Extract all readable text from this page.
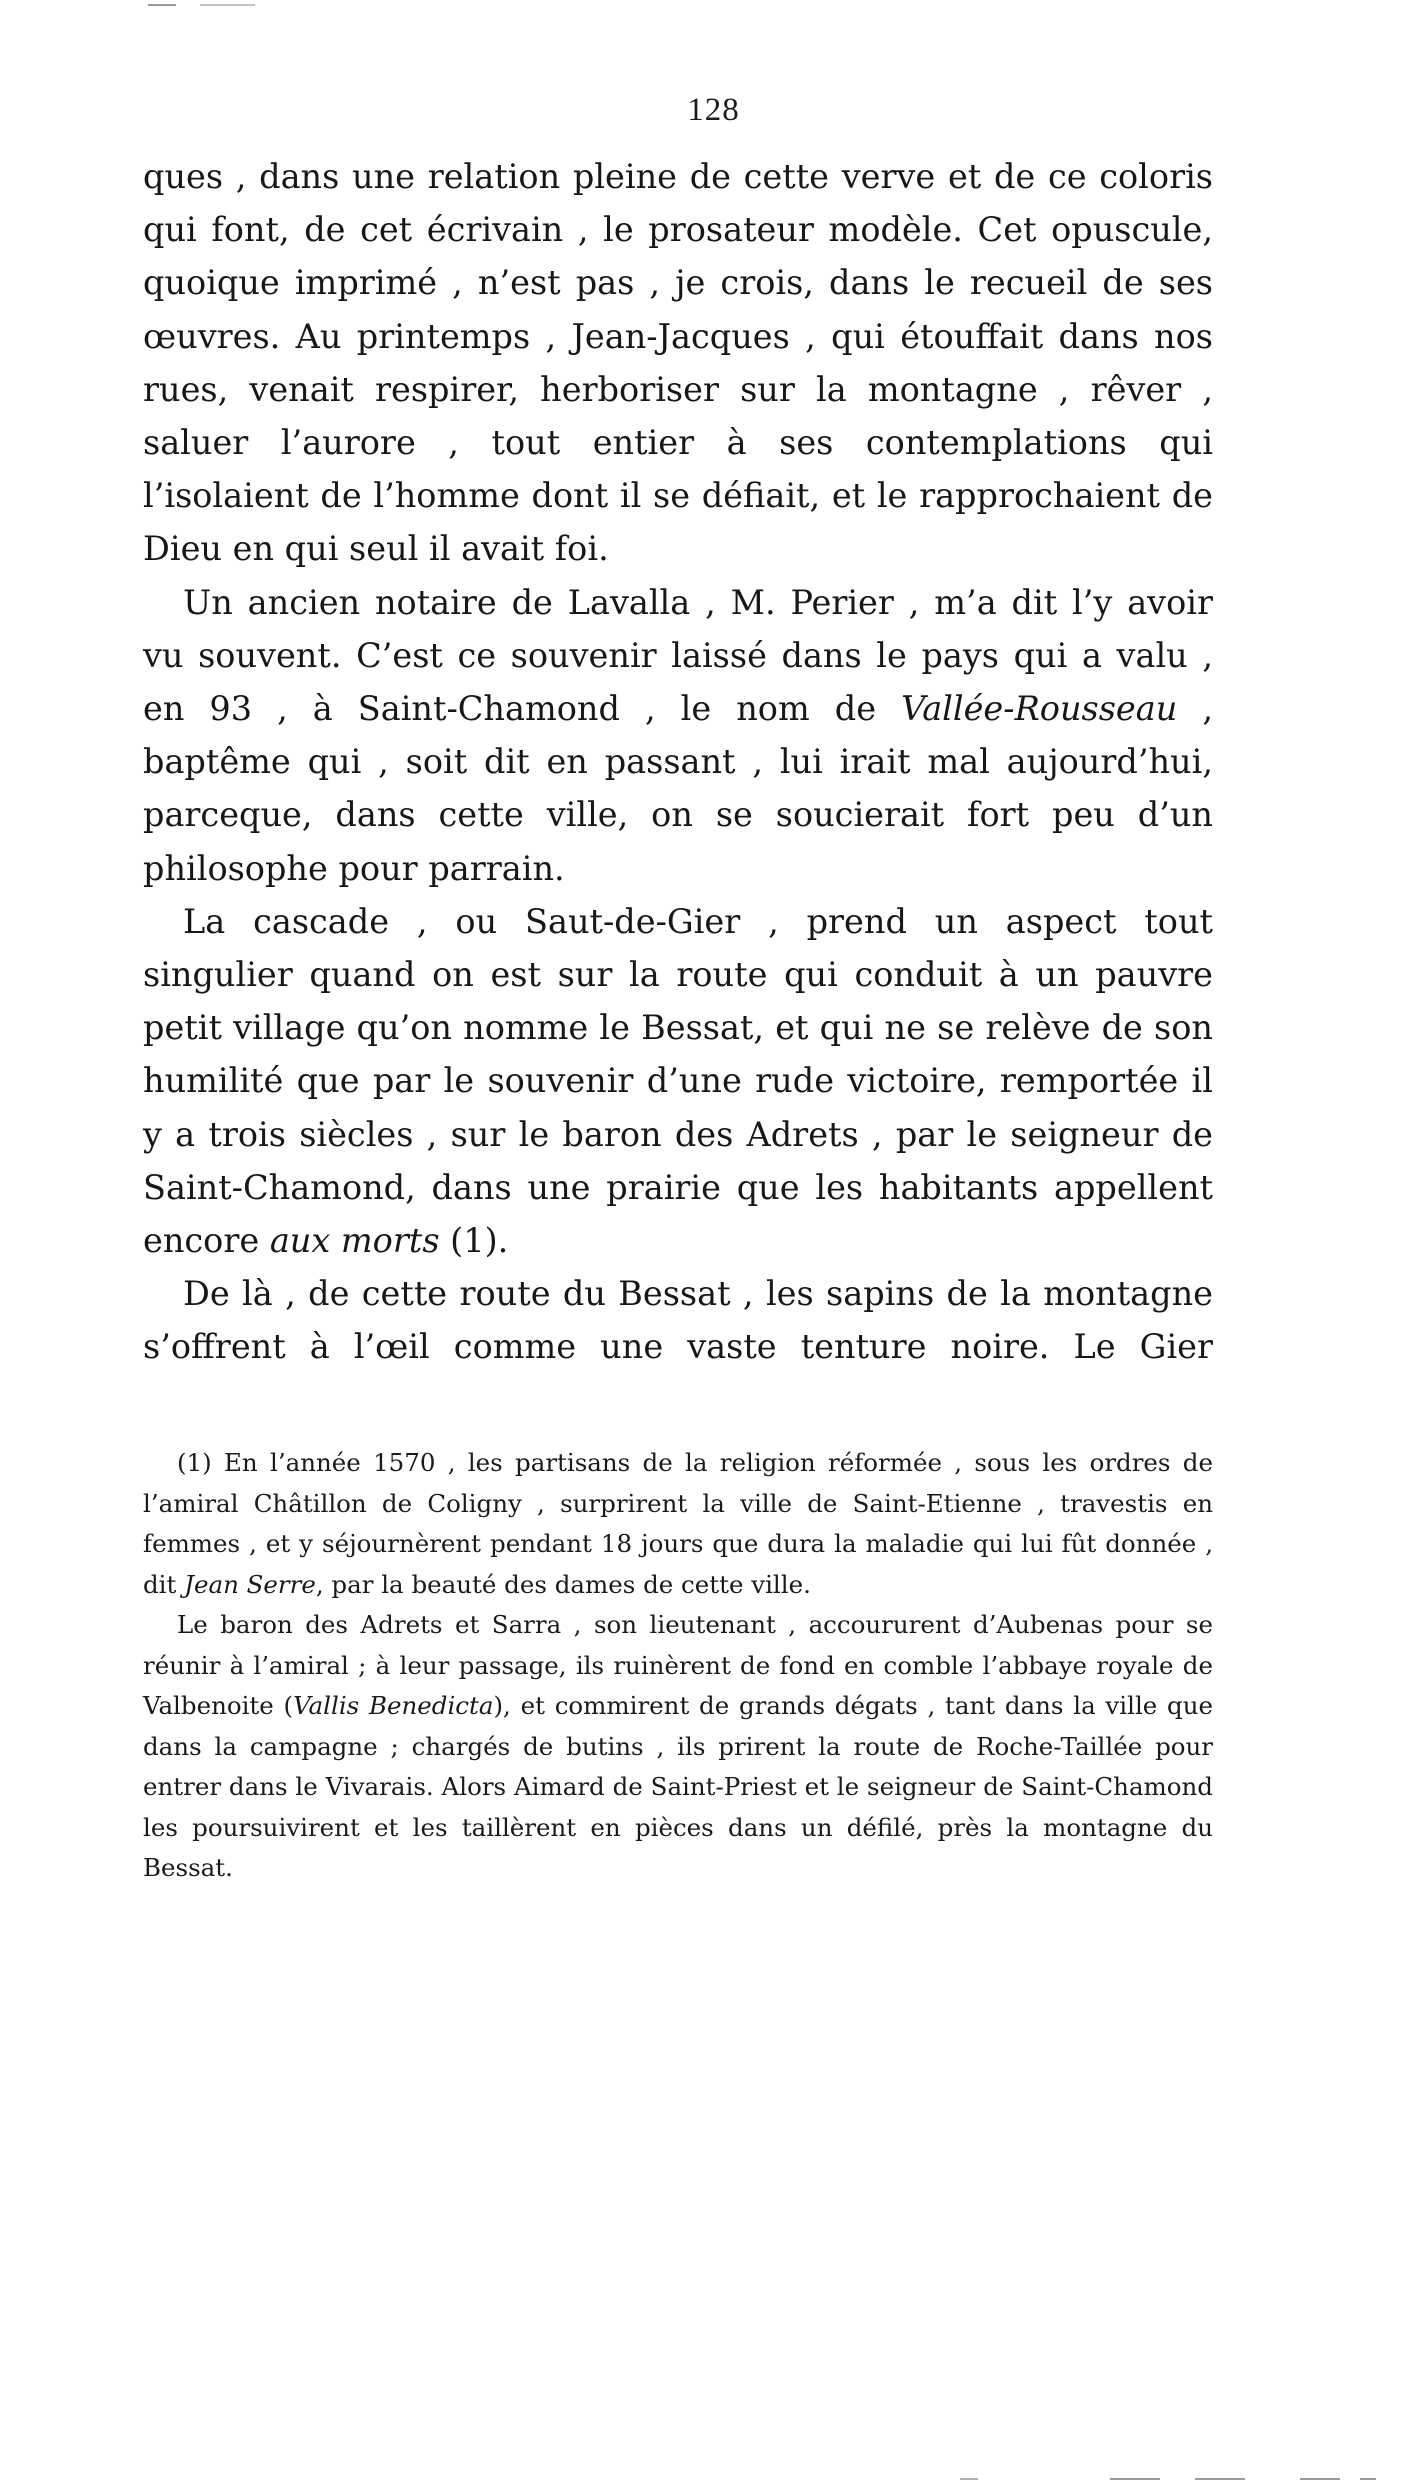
128

ques , dans une relation pleine de cette verve et de ce coloris qui font, de cet écrivain , le prosateur modèle. Cet opuscule, quoique imprimé , n’est pas , je crois, dans le recueil de ses œuvres. Au printemps , Jean-Jacques , qui étouffait dans nos rues, venait respirer, herboriser sur la montagne , rêver , saluer l’aurore , tout entier à ses contemplations qui l’isolaient de l’homme dont il se défiait, et le rapprochaient de Dieu en qui seul il avait foi.

Un ancien notaire de Lavalla , M. Perier , m’a dit l’y avoir vu souvent. C’est ce souvenir laissé dans le pays qui a valu , en 93 , à Saint-Chamond , le nom de Vallée-Rousseau , baptême qui , soit dit en passant , lui irait mal aujourd’hui, parceque, dans cette ville, on se soucierait fort peu d’un philosophe pour parrain.

La cascade , ou Saut-de-Gier , prend un aspect tout singulier quand on est sur la route qui conduit à un pauvre petit village qu’on nomme le Bessat, et qui ne se relève de son humilité que par le souvenir d’une rude victoire, remportée il y a trois siècles , sur le baron des Adrets , par le seigneur de Saint-Chamond, dans une prairie que les habitants appellent encore aux morts (1).

De là , de cette route du Bessat , les sapins de la montagne s’offrent à l’œil comme une vaste tenture noire. Le Gier

(1) En l’année 1570 , les partisans de la religion réformée , sous les ordres de l’amiral Châtillon de Coligny , surprirent la ville de Saint-Etienne , travestis en femmes , et y séjournèrent pendant 18 jours que dura la maladie qui lui fût donnée , dit Jean Serre, par la beauté des dames de cette ville.

Le baron des Adrets et Sarra , son lieutenant , accoururent d’Aubenas pour se réunir à l’amiral ; à leur passage, ils ruinèrent de fond en comble l’abbaye royale de Valbenoite (Vallis Benedicta), et commirent de grands dégats , tant dans la ville que dans la campagne ; chargés de butins , ils prirent la route de Roche-Taillée pour entrer dans le Vivarais. Alors Aimard de Saint-Priest et le seigneur de Saint-Chamond les poursuivirent et les taillèrent en pièces dans un défilé, près la montagne du Bessat.
